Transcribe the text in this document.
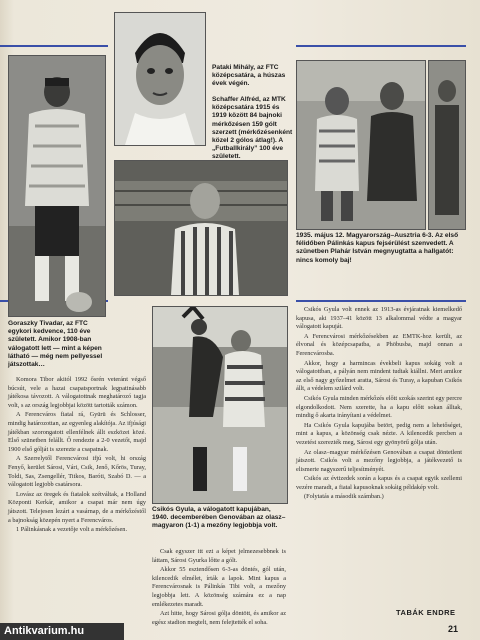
Pataki Mihály, az FTC középcsatára, a húszas évek végén.
Schaffer Alfréd, az MTK középcsatára 1915 és 1919 között 84 bajnoki mérkőzésen 159 gólt szerzett (mérkőzésenként közel 2 gólos átlag!). A „Futballkirály” 100 éve született.
1935. május 12. Magyarország–Ausztria 6-3. Az első félidőben Pálinkás kapus fejsérülést szenvedett. A szünetben Plahár István megnyugtatta a hallgatót: nincs komoly baj!
Goraszky Tivadar, az FTC egykori kedvence, 110 éve született. Amikor 1908-ban válogatott lett — mint a képen látható — még nem pellyessel játszottak…
Csikós Gyula, a válogatott kapujában, 1940. decemberében Genovában az olasz–magyaron (1-1) a mezőny legjobbja volt.

Komora Tibor akitól 1992 ősrén veteránt végső búcsút, vele a hazai csapatsportnak legpatinásabb játékosa távozott. A válogatottnak meghatározó tagja volt, s az ország legjobbjai között tartották számon.

A Ferencváros fiatal rá, Gyürü és Schlosser, mindig határozottan, az egyenleg alakítója. Az ifjúsági játékban szorongatott ellenfélnek állt eszközei közé. Első szünetben felállt. Ő rendezte a 2-0 vezetőt, majd 1900 első gólját is szerezte a csapatnak.

A Szerrelytől Ferencvárosi ifjú volt, hi ország Fenyő, kerület Sárosi, Vári, Csik, Jenő, Kőrös, Turay, Toldi, Sas, Zsengellér, Titkos, Baróti, Szabó D. — a válogatott legjobb csatársora.

Lovász az öregek és fiatalok szétváltak, a Holland Központi Kerkár, amikor a csapat már nem úgy játszott. Telejesen lezárt a vasárnap, de a mérkőzéstől a bajnokság közepén nyert a Ferencváros.

1 Pálinkásnak a vezetője volt a mérkőzésen.

Csak egyszer itt ezt a képet jelmezesebbnek is láttam, Sárosi Gyurka lőtte a gólt.

Akkor 55 esztendősen 6-3-as döntés, gól után, kilencedik elmélet, írták a lapok. Mint kapus a Ferencvárosnak is Pálinkás Tibi volt, a mezőny legjobbja lett. A közönség számára ez a nap emlékezetes maradt.

Azt hitte, hogy Sárosi gólja döntött, és amikor az egész stadion megtelt, nem felejtették el soha.

Csikós Gyula volt ennek az 1913-as évjáratnak kiemelkedő kapusa, aki 1937–41 között 13 alkalommal védte a magyar válogatott kapuját.

A Ferencvárosi mérkőzésekben az EMTK-hoz került, az élvonal és középcsapatba, a Phöbusba, majd onnan a Ferencvárosba.

Akkor, hogy a harmincas évekbeli kapus sokáig volt a válogatottban, a pályán nem mindent tudtak kiállni. Mert amikor az első nagy győzelmet aratta, Sárosi és Turay, a kapuban Csikós állt, a védelem szilárd volt.

Csikós Gyula minden mérkőzés előtt szokás szerint egy percre elgondolkodott. Nem szerette, ha a kapu előtt sokan álltak, mindig ő akarta irányítani a védelmet.

Ha Csikós Gyula kapujába betört, pedig nem a lehetőséget, mint a kapus, a közönség csak nézte. A kilencedik percben a vezetést szerezték meg, Sárosi egy gyönyörű gólja után.

Az olasz–magyar mérkőzésen Genovában a csapat döntetlent játszott. Csikós volt a mezőny legjobbja, a játékvezető is elismerte nagyszerű teljesítményét.

Csikós az évtizedek során a kapus és a csapat egyik szellemi vezére maradt, a fiatal kapusoknak sokáig példakép volt.

(Folytatás a második számban.)

TABÁK ENDRE
21
Antikvarium.hu
